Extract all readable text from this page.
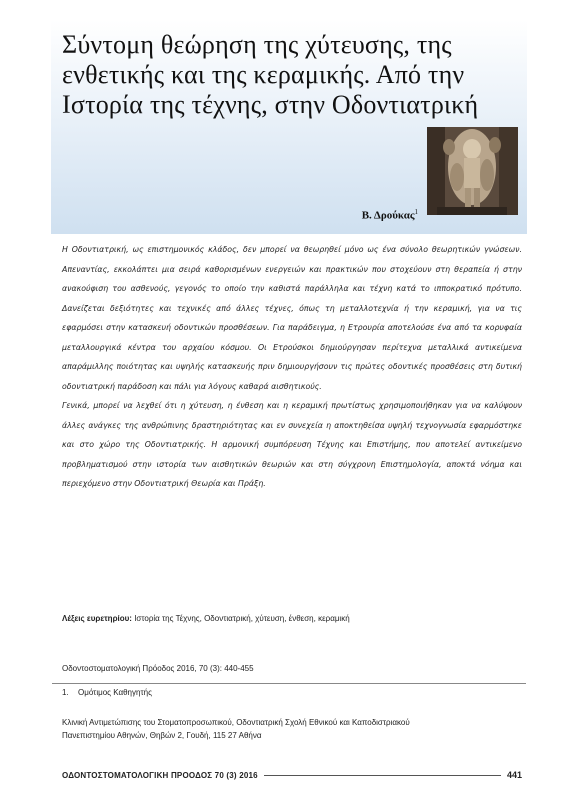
Σύντομη θεώρηση της χύτευσης, της ενθετικής και της κεραμικής. Από την Ιστορία της τέχνης, στην Οδοντιατρική
Β. Δρούκας$^1$

Η Οδοντιατρική, ως επιστημονικός κλάδος, δεν μπορεί να θεωρηθεί μόνο ως ένα σύνολο θεωρητικών γνώσεων. Απεναντίας, εκκολάπτει μια σειρά καθορισμένων ενεργειών και πρακτικών που στοχεύουν στη θεραπεία ή στην ανακούφιση του ασθενούς, γεγονός το οποίο την καθιστά παράλληλα και τέχνη κατά το ιπποκρατικό πρότυπο. Δανείζεται δεξιότητες και τεχνικές από άλλες τέχνες, όπως τη μεταλλοτεχνία ή την κεραμική, για να τις εφαρμόσει στην κατασκευή οδοντικών προσθέσεων. Για παράδειγμα, η Ετρουρία αποτελούσε ένα από τα κορυφαία μεταλλουργικά κέντρα του αρχαίου κόσμου. Οι Ετρούσκοι δημιούργησαν περίτεχνα μεταλλικά αντικείμενα απαράμιλλης ποιότητας και υψηλής κατασκευής πριν δημιουργήσουν τις πρώτες οδοντικές προσθέσεις στη δυτική οδοντιατρική παράδοση και πάλι για λόγους καθαρά αισθητικούς.

Γενικά, μπορεί να λεχθεί ότι η χύτευση, η ένθεση και η κεραμική πρωτίστως χρησιμοποιήθηκαν για να καλύψουν άλλες ανάγκες της ανθρώπινης δραστηριότητας και εν συνεχεία η αποκτηθείσα υψηλή τεχνογνωσία εφαρμόστηκε και στο χώρο της Οδοντιατρικής. Η αρμονική συμπόρευση Τέχνης και Επιστήμης, που αποτελεί αντικείμενο προβληματισμού στην ιστορία των αισθητικών θεωριών και στη σύγχρονη Επιστημολογία, αποκτά νόημα και περιεχόμενο στην Οδοντιατρική Θεωρία και Πράξη.

Λέξεις ευρετηρίου: Ιστορία της Τέχνης, Οδοντιατρική, χύτευση, ένθεση, κεραμική
Οδοντοστοματολογική Πρόοδος 2016, 70 (3): 440-455
1. Ομότιμος Καθηγητής
Κλινική Αντιμετώπισης του Στοματοπροσωπικού, Οδοντιατρική Σχολή Εθνικού και Καποδιστριακού
Πανεπιστημίου Αθηνών, Θηβών 2, Γουδή, 115 27 Αθήνα
ΟΔΟΝΤΟΣΤΟΜΑΤΟΛΟΓΙΚΗ ΠΡΟΟΔΟΣ 70 (3) 2016	441
